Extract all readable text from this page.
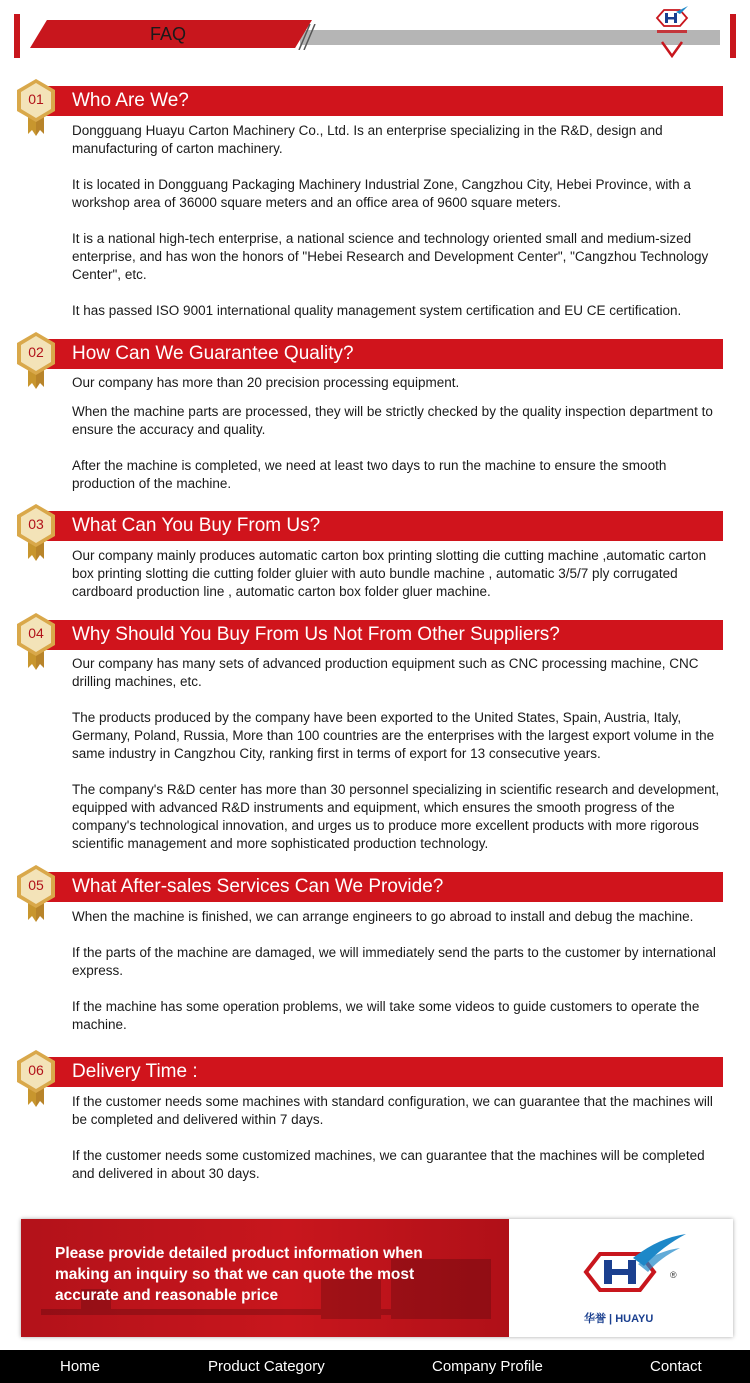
FAQ
01	Who Are We?

Dongguang Huayu Carton Machinery Co., Ltd. Is an enterprise specializing in the R&D, design and manufacturing of carton machinery.

It is located in Dongguang Packaging Machinery Industrial Zone, Cangzhou City, Hebei Province, with a workshop area of 36000 square meters and an office area of 9600 square meters.

It is a national high-tech enterprise, a national science and technology oriented small and medium-sized enterprise, and has won the honors of "Hebei Research and Development Center", "Cangzhou Technology Center", etc.

It has passed ISO 9001 international quality management system certification and EU CE certification.

02	How Can We Guarantee Quality?

Our company has more than 20 precision processing equipment.

When the machine parts are processed, they will be strictly checked by the quality inspection department to ensure the accuracy and quality.

After the machine is completed, we need at least two days to run the machine to ensure the smooth production of the machine.

03	What Can You Buy From Us?

Our company mainly produces automatic carton box printing slotting die cutting machine ,automatic carton box printing slotting die cutting folder gluier with auto bundle machine , automatic 3/5/7 ply corrugated cardboard production line , automatic carton box folder gluer machine.

04	Why Should You Buy From Us Not From Other Suppliers?

Our company has many sets of advanced production equipment such as CNC processing machine, CNC drilling machines, etc.

The products produced by the company have been exported to the United States, Spain, Austria, Italy, Germany, Poland, Russia, More than 100 countries are the enterprises with the largest export volume in the same industry in Cangzhou City, ranking first in terms of export for 13 consecutive years.

The company's R&D center has more than 30 personnel specializing in scientific research and development, equipped with advanced R&D instruments and equipment, which ensures the smooth progress of the company's technological innovation, and urges us to produce more excellent products with more rigorous scientific management and more sophisticated production technology.

05	What After-sales Services Can We Provide?

When the machine is finished, we can arrange engineers to go abroad to install and debug the machine.

If the parts of the machine are damaged, we will immediately send the parts to the customer by international express.

If the machine has some operation problems, we will take some videos to guide customers to operate the machine.

06	Delivery Time :

If the customer needs some machines with standard configuration, we can guarantee that the machines will be completed and delivered within 7 days.

If the customer needs some customized machines, we can guarantee that the machines will be completed and delivered in about 30 days.

Please provide detailed product information when making an inquiry so that we can quote the most accurate and reasonable price
®
华誉 | HUAYU
Home	Product Category	Company Profile	Contact
